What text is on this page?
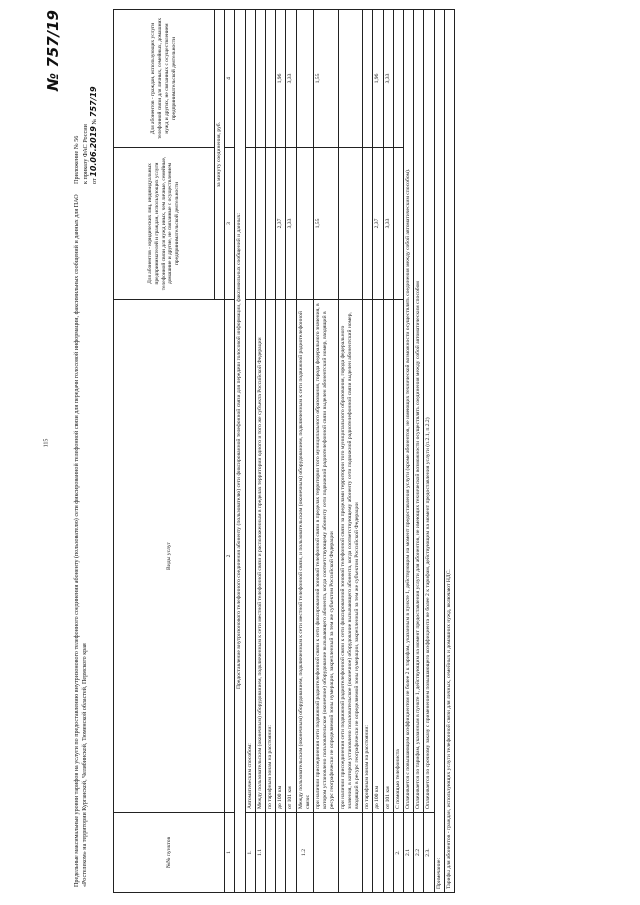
115	Предельные максимальные уровни тарифов на услуги по предоставлению внутризонового телефонного соединения абоненту (пользователю) сети фиксированной телефонной связи для передачи голосовой информации, факсимильных сообщений и данных для ПАО «Ростелеком» на территории Курганской, Челябинской, Тюменской областей, Пермского края
№ 757/19
Приложение № 56 к приказу ФАС России от 10.06.2019 № 757/19
№№ пунктов	Виды услуг	Для абонентов - юридических лиц, индивидуальных предпринимателей и граждан, использующих услуги телефонной связи для нужд иных, чем личные, семейные, домашние и другие, не связанные с осуществлением предпринимательской деятельности	Для абонентов - граждан, использующих услуги телефонной связи для личных, семейных, домашних нужд и других, не связанных с осуществлением предпринимательской деятельности
		за минуту соединения, руб.	
1	2	3	4
Предоставление внутризонового телефонного соединения абоненту (пользователю) сети фиксированной телефонной связи для передачи голосовой информации, факсимильных сообщений и данных:			
1.	Автоматическим способом:		
1.1	Между пользовательским (оконечным) оборудованием, подключенным к сети местной телефонной связи и расположенным в пределах территории одного и того же субъекта Российской Федерации		
	по тарифным зонам на расстоянии:		
	до 100 км	2,37	1,96
	от 101 км	3,33	3,33
1.2	Между пользовательским (оконечным) оборудованием, подключенным к сети местной телефонной связи, и пользовательским (оконечным) оборудованием, подключенным к сети подвижной радиотелефонной связи:		
	при наличии присоединения сети подвижной радиотелефонной связи к сети фиксированной зоновой телефонной связи в пределах территории того муниципального образования, города федерального значения, в котором установлено пользовательское (оконечное) оборудование вызывающего абонента, когда соответствующему абоненту сети подвижной радиотелефонной связи выделен абонентский номер, входящий в ресурс географически не определяемой зоны нумерации, закрепленный за тем же субъектом Российской Федерации	1,55	1,55
	при наличии присоединения сети подвижной радиотелефонной связи к сети фиксированной зоновой телефонной связи за пределами территории того муниципального образования, города федерального значения, в котором установлено пользовательское (оконечное) оборудование вызывающего абонента, когда соответствующему абоненту сети подвижной радиотелефонной связи выделен абонентский номер, входящий в ресурс географически не определяемой зоны нумерации, закрепленный за тем же субъектом Российской Федерации		
	по тарифным зонам на расстоянии:		
	до 100 км	2,37	1,96
	от 101 км	3,33	3,33
2.	С помощью телефониста		
2.1	Оплачивается с повышающим коэффициентом не более 2 к тарифам, указанным в пункте 1, действующим на момент предоставления услуги (кроме абонентов, не имеющих технической возможности осуществлять соединения между собой автоматическим способом).		
2.2	Оплачивается по тарифам, указанным в пункте 1, действующим на момент предоставления услуги для абонентов, не имеющих технической возможности осуществлять соединения между собой автоматическим способом		
2.3.	Оплачивается по срочному заказу с применением повышающего коэффициента не более 2 к тарифам, действующим на момент предоставления услуги (п.2.1, п.2.2)		
Примечание:			
Тарифы для абонентов - граждан, использующих услуги телефонной связи для личных, семейных и домашних нужд, включают НДС.			
